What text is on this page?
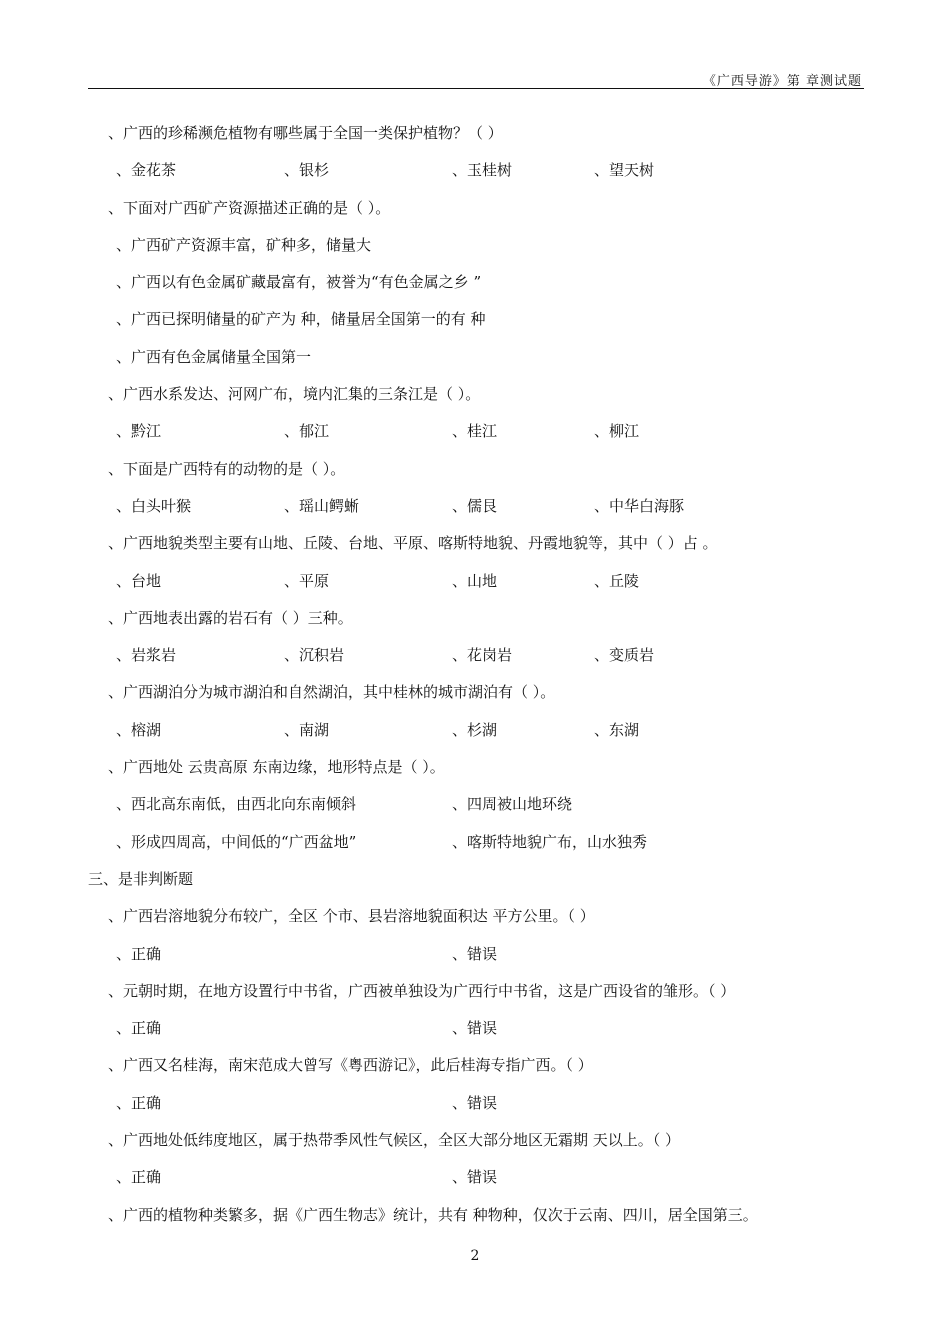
《广西导游》第 章测试题
、广西的珍稀濒危植物有哪些属于全国一类保护植物？（ ）
、金花茶	、银杉	、玉桂树	、望天树
、下面对广西矿产资源描述正确的是（ ）。
、广西矿产资源丰富，矿种多，储量大
、广西以有色金属矿藏最富有，被誉为“有色金属之乡 ”
、广西已探明储量的矿产为 种，储量居全国第一的有 种
、广西有色金属储量全国第一
、广西水系发达、河网广布，境内汇集的三条江是（ ）。
、黔江	、郁江	、桂江	、柳江
、下面是广西特有的动物的是（ ）。
、白头叶猴	、瑶山鳄蜥	、儒艮	、中华白海豚
、广西地貌类型主要有山地、丘陵、台地、平原、喀斯特地貌、丹霞地貌等，其中（ ）占 。
、台地	、平原	、山地	、丘陵
、广西地表出露的岩石有（ ）三种。
、岩浆岩	、沉积岩	、花岗岩	、变质岩
、广西湖泊分为城市湖泊和自然湖泊，其中桂林的城市湖泊有（ ）。
、榕湖	、南湖	、杉湖	、东湖
、广西地处 云贵高原 东南边缘，地形特点是（ ）。
、西北高东南低，由西北向东南倾斜	、四周被山地环绕
、形成四周高，中间低的“广西盆地”	、喀斯特地貌广布，山水独秀
三、是非判断题
、广西岩溶地貌分布较广，全区 个市、县岩溶地貌面积达 平方公里。（ ）
、正确	、错误
、元朝时期，在地方设置行中书省，广西被单独设为广西行中书省，这是广西设省的雏形。（ ）
、正确	、错误
、广西又名桂海，南宋范成大曾写《粤西游记》，此后桂海专指广西。（ ）
、正确	、错误
、广西地处低纬度地区，属于热带季风性气候区，全区大部分地区无霜期 天以上。（ ）
、正确	、错误
、广西的植物种类繁多，据《广西生物志》统计，共有 种物种，仅次于云南、四川，居全国第三。
2
